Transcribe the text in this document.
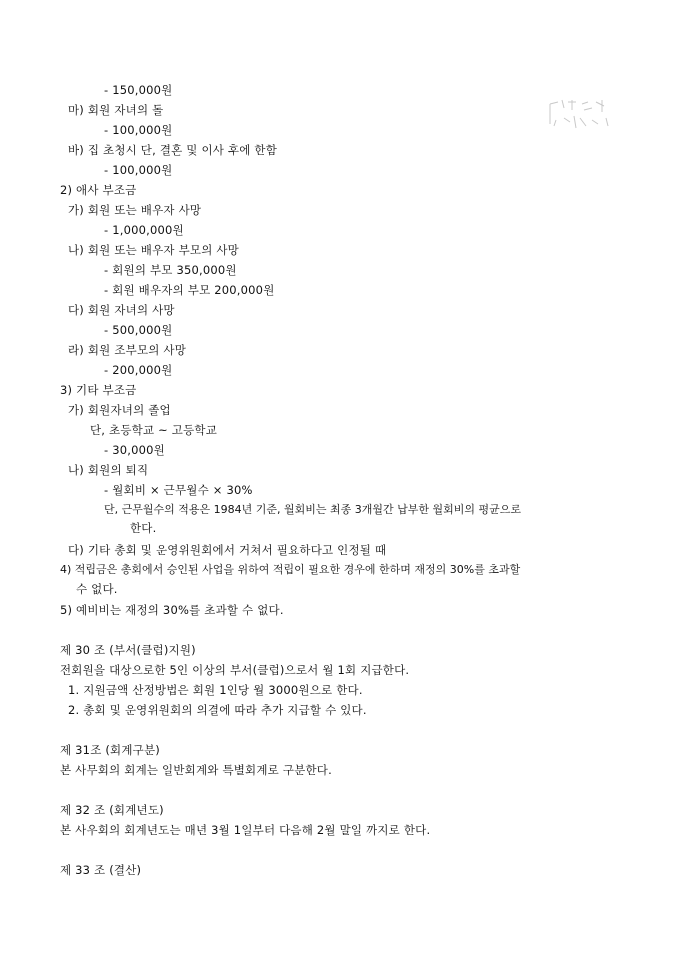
- 150,000원
마) 회원 자녀의 돌
- 100,000원
바) 집 초청시 단, 결혼 및 이사 후에 한함
- 100,000원
2) 애사 부조금
가) 회원 또는 배우자 사망
- 1,000,000원
나) 회원 또는 배우자 부모의 사망
- 회원의 부모 350,000원
- 회원 배우자의 부모 200,000원
다) 회원 자녀의 사망
- 500,000원
라) 회원 조부모의 사망
- 200,000원
3) 기타 부조금
가) 회원자녀의 졸업
단, 초등학교 ~ 고등학교
- 30,000원
나) 회원의 퇴직
- 월회비 × 근무월수 × 30%
단, 근무월수의 적용은 1984년 기준, 월회비는 최종 3개월간 납부한 월회비의 평균으로
한다.
다) 기타 총회 및 운영위원회에서 거쳐서 필요하다고 인정될 때
4) 적립금은 총회에서 승인된 사업을 위하여 적립이 필요한 경우에 한하며 재정의 30%를 초과할
수 없다.
5) 예비비는 재정의 30%를 초과할 수 없다.
제 30 조 (부서(클럽)지원)
전회원을 대상으로한 5인 이상의 부서(클럽)으로서 월 1회 지급한다.
1. 지원금액 산정방법은 회원 1인당 월 3000원으로 한다.
2. 총회 및 운영위원회의 의결에 따라 추가 지급할 수 있다.
제 31조 (회계구분)
본 사무회의 회계는 일반회계와 특별회계로 구분한다.
제 32 조 (회계년도)
본 사우회의 회계년도는 매년 3월 1일부터 다음해 2월 말일 까지로 한다.
제 33 조 (결산)
